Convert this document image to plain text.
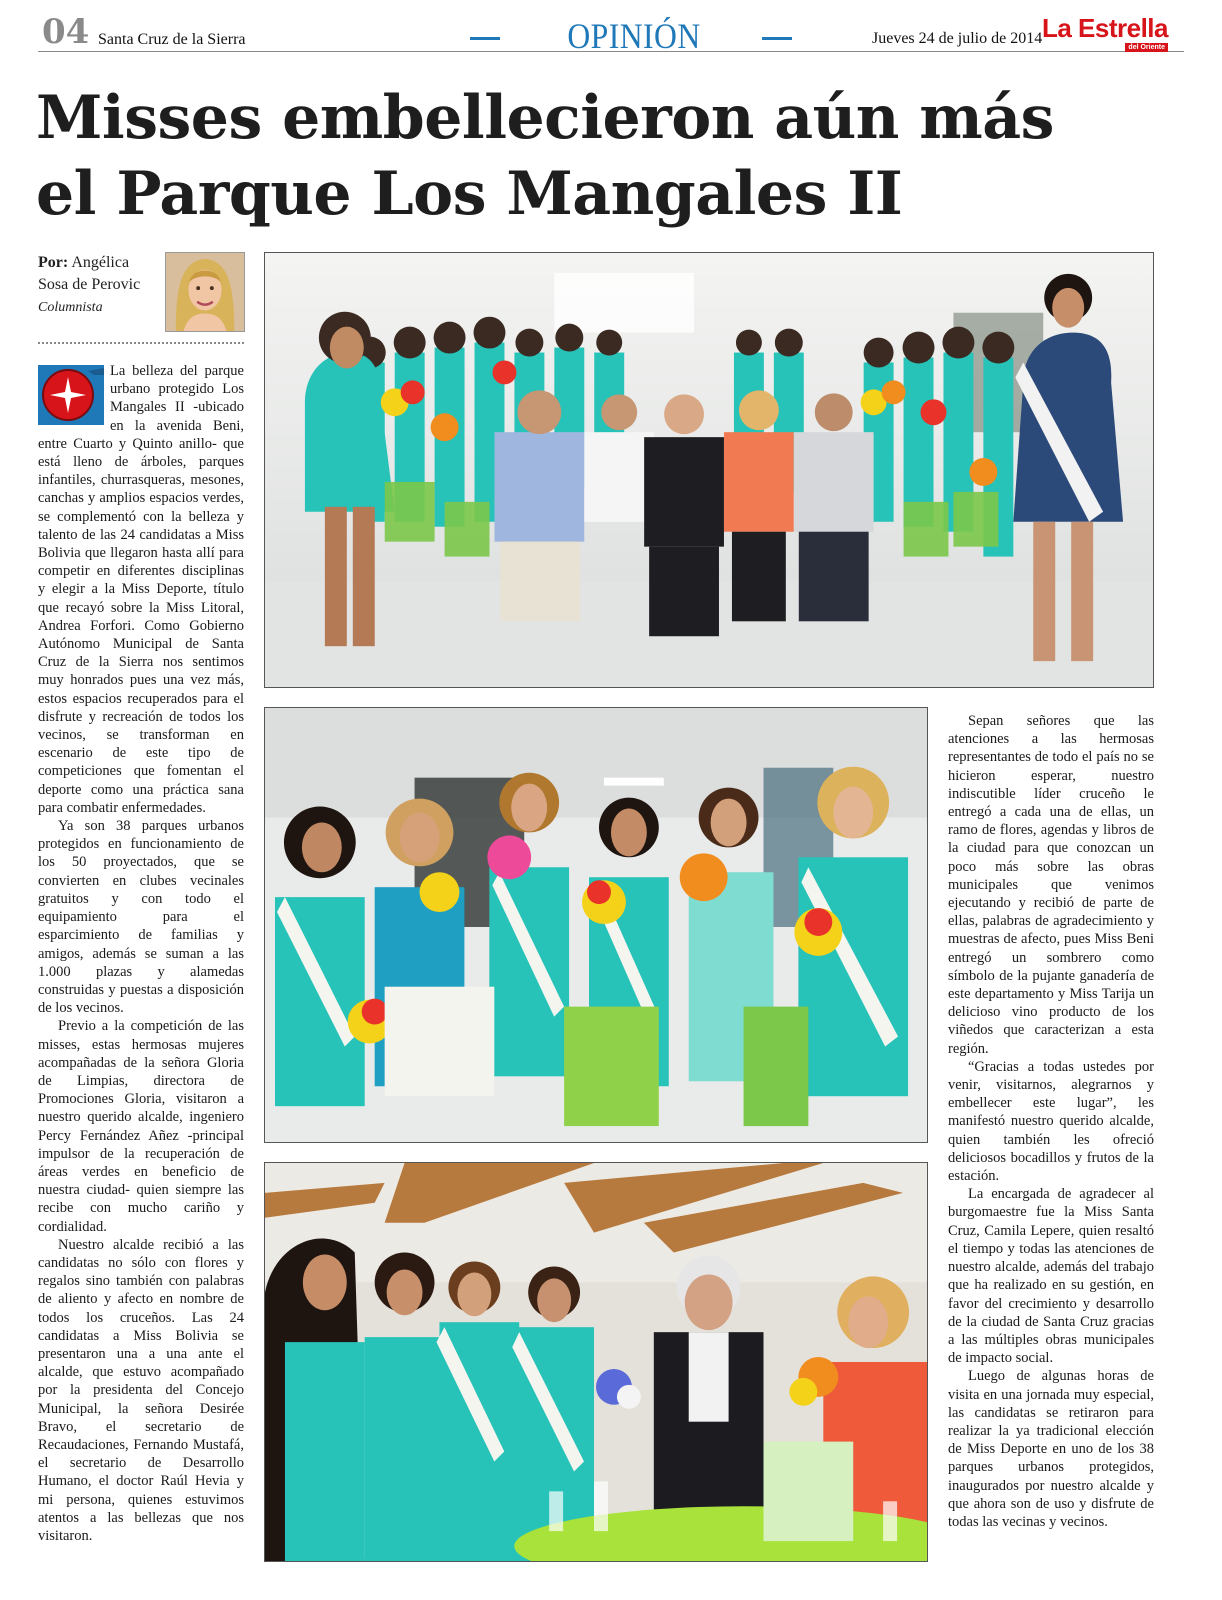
04 Santa Cruz de la Sierra	OPINIÓN	Jueves 24 de julio de 2014 La Estrella
del Oriente
Misses embellecieron aún más
el Parque Los Mangales II
Por: Angélica Sosa de Perovic
Columnista

La belleza del parque urbano protegido Los Mangales II -ubicado en la avenida Beni, entre Cuarto y Quinto anillo- que está lleno de árboles, parques infantiles, churrasqueras, mesones, canchas y amplios espacios verdes, se complementó con la belleza y talento de las 24 candidatas a Miss Bolivia que llegaron hasta allí para competir en diferentes disciplinas y elegir a la Miss Deporte, título que recayó sobre la Miss Litoral, Andrea Forfori. Como Gobierno Autónomo Municipal de Santa Cruz de la Sierra nos sentimos muy honrados pues una vez más, estos espacios recuperados para el disfrute y recreación de todos los vecinos, se transforman en escenario de este tipo de competiciones que fomentan el deporte como una práctica sana para combatir enfermedades.

Ya son 38 parques urbanos protegidos en funcionamiento de los 50 proyectados, que se convierten en clubes vecinales gratuitos y con todo el equipamiento para el esparcimiento de familias y amigos, además se suman a las 1.000 plazas y alamedas construidas y puestas a disposición de los vecinos.

Previo a la competición de las misses, estas hermosas mujeres acompañadas de la señora Gloria de Limpias, directora de Promociones Gloria, visitaron a nuestro querido alcalde, ingeniero Percy Fernández Añez -principal impulsor de la recuperación de áreas verdes en beneficio de nuestra ciudad- quien siempre las recibe con mucho cariño y cordialidad.

Nuestro alcalde recibió a las candidatas no sólo con flores y regalos sino también con palabras de aliento y afecto en nombre de todos los cruceños. Las 24 candidatas a Miss Bolivia se presentaron una a una ante el alcalde, que estuvo acompañado por la presidenta del Concejo Municipal, la señora Desirée Bravo, el secretario de Recaudaciones, Fernando Mustafá, el secretario de Desarrollo Humano, el doctor Raúl Hevia y mi persona, quienes estuvimos atentos a las bellezas que nos visitaron.

Sepan señores que las atenciones a las hermosas representantes de todo el país no se hicieron esperar, nuestro indiscutible líder cruceño le entregó a cada una de ellas, un ramo de flores, agendas y libros de la ciudad para que conozcan un poco más sobre las obras municipales que venimos ejecutando y recibió de parte de ellas, palabras de agradecimiento y muestras de afecto, pues Miss Beni entregó un sombrero como símbolo de la pujante ganadería de este departamento y Miss Tarija un delicioso vino producto de los viñedos que caracterizan a esta región.

“Gracias a todas ustedes por venir, visitarnos, alegrarnos y embellecer este lugar”, les manifestó nuestro querido alcalde, quien también les ofreció deliciosos bocadillos y frutos de la estación.

La encargada de agradecer al burgomaestre fue la Miss Santa Cruz, Camila Lepere, quien resaltó el tiempo y todas las atenciones de nuestro alcalde, además del trabajo que ha realizado en su gestión, en favor del crecimiento y desarrollo de la ciudad de Santa Cruz gracias a las múltiples obras municipales de impacto social.

Luego de algunas horas de visita en una jornada muy especial, las candidatas se retiraron para realizar la ya tradicional elección de Miss Deporte en uno de los 38 parques urbanos protegidos, inaugurados por nuestro alcalde y que ahora son de uso y disfrute de todas las vecinas y vecinos.
